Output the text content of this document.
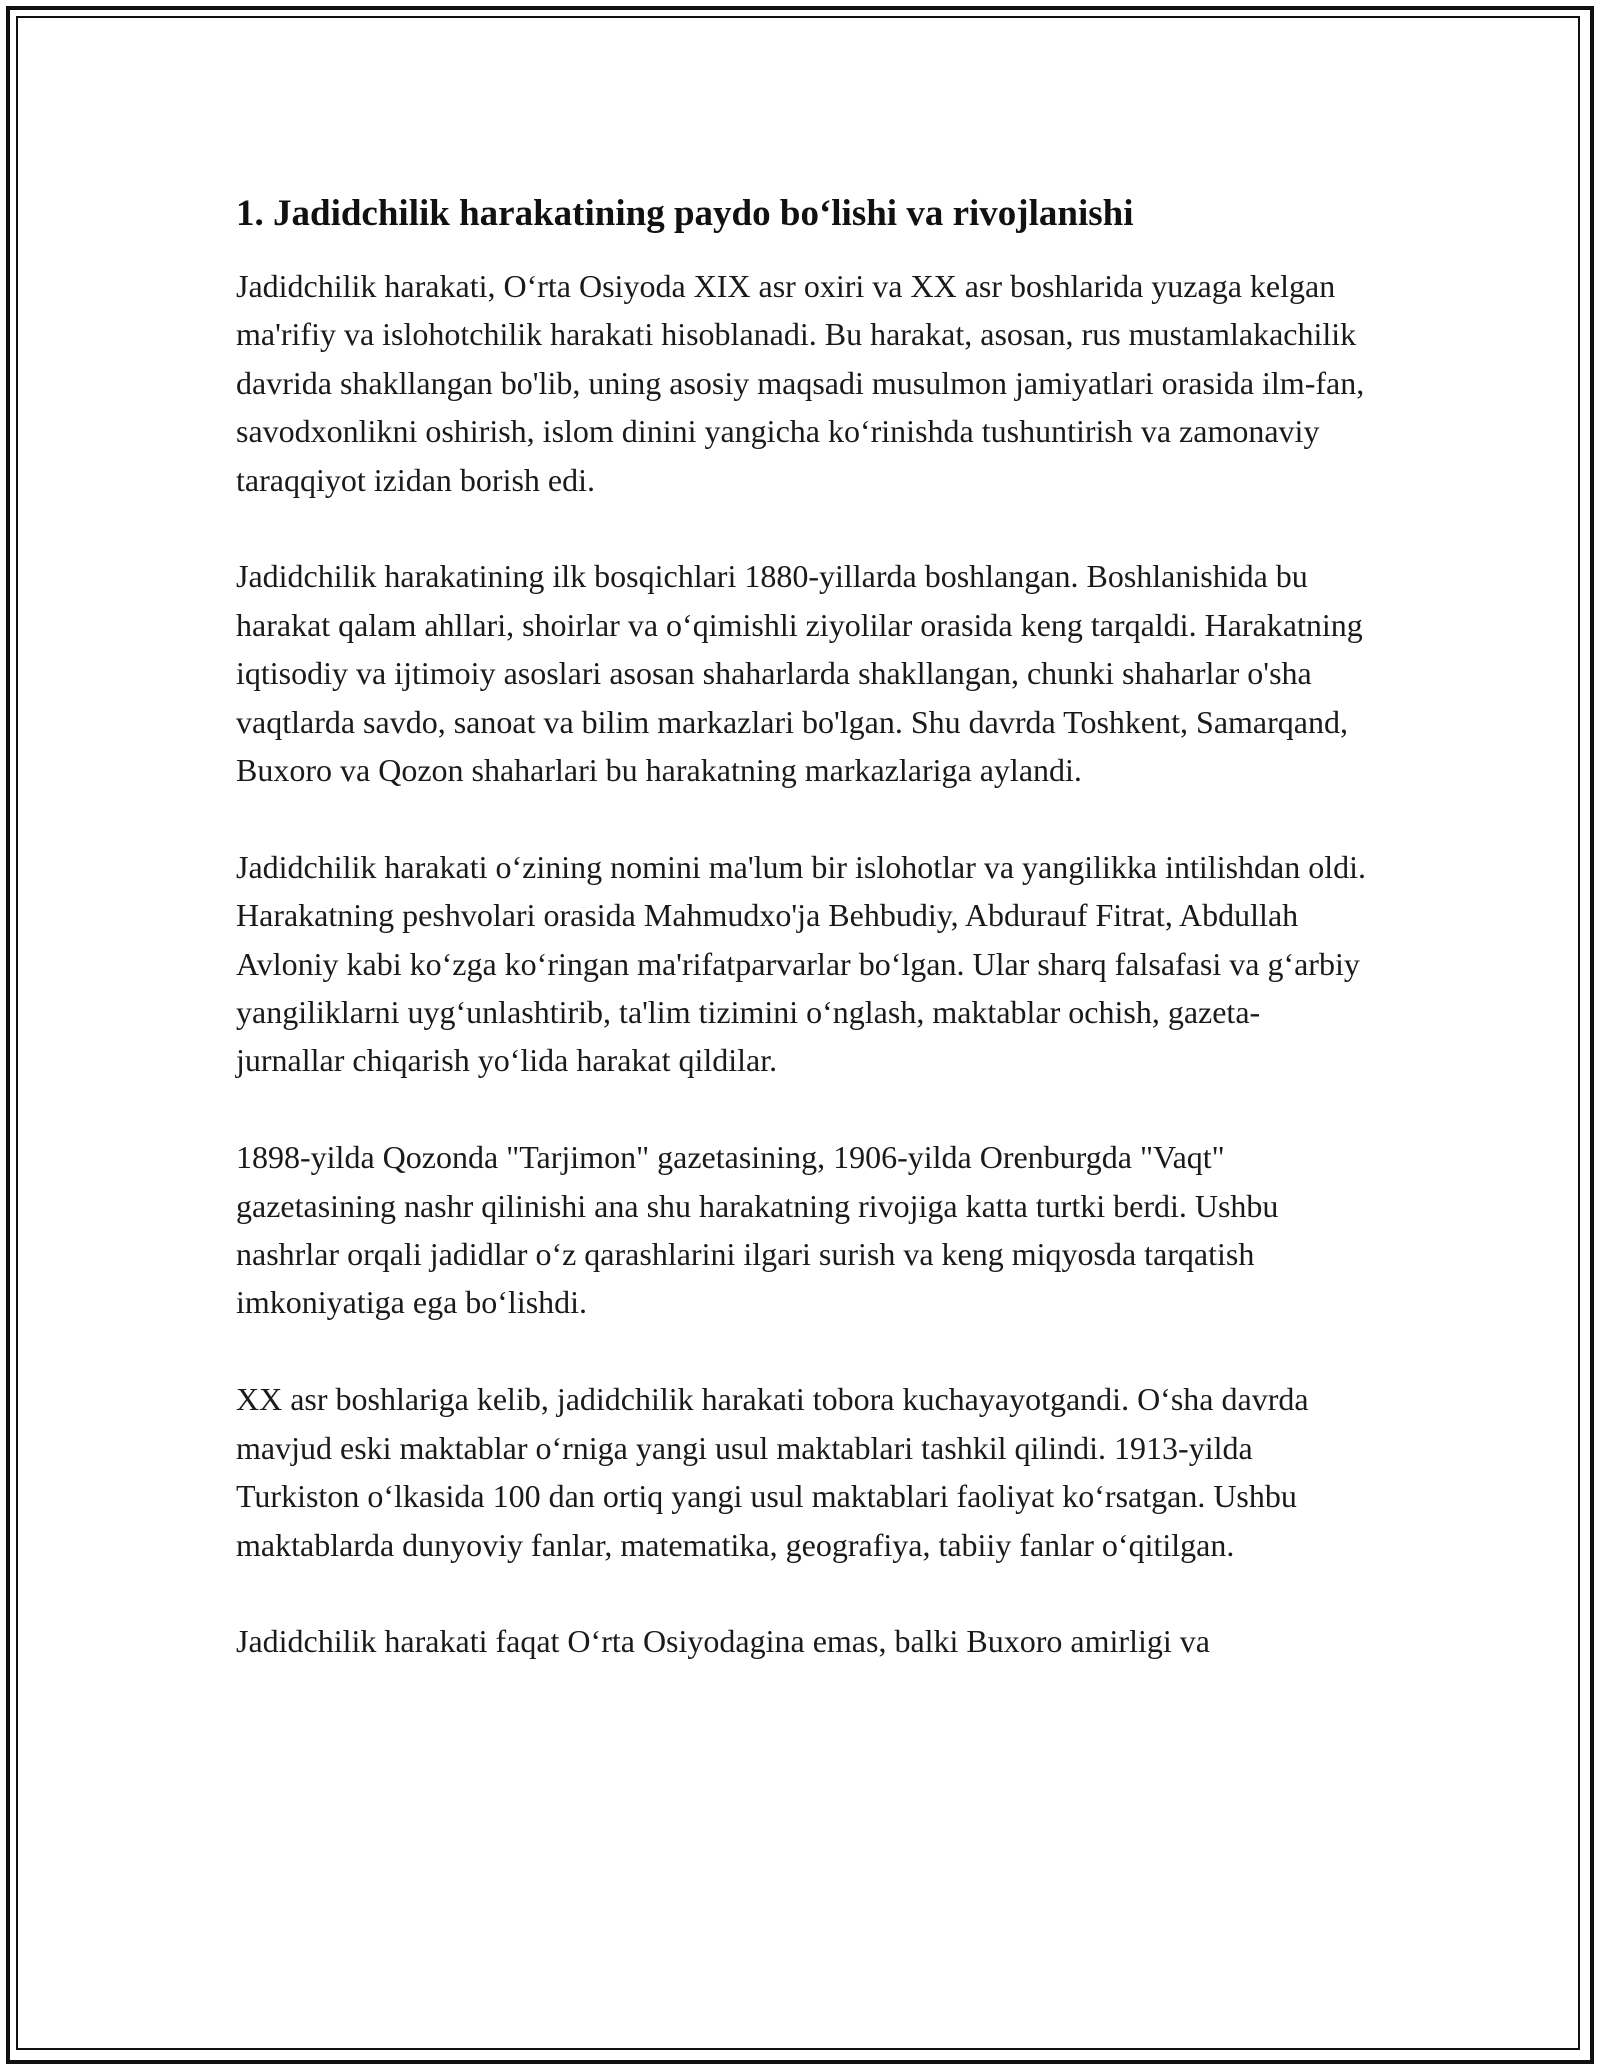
1. Jadidchilik harakatining paydo bo‘lishi va rivojlanishi

Jadidchilik harakati, O‘rta Osiyoda XIX asr oxiri va XX asr boshlarida yuzaga kelgan ma'rifiy va islohotchilik harakati hisoblanadi. Bu harakat, asosan, rus mustamlakachilik davrida shakllangan bo'lib, uning asosiy maqsadi musulmon jamiyatlari orasida ilm-fan, savodxonlikni oshirish, islom dinini yangicha ko‘rinishda tushuntirish va zamonaviy taraqqiyot izidan borish edi.

Jadidchilik harakatining ilk bosqichlari 1880-yillarda boshlangan. Boshlanishida bu harakat qalam ahllari, shoirlar va o‘qimishli ziyolilar orasida keng tarqaldi. Harakatning iqtisodiy va ijtimoiy asoslari asosan shaharlarda shakllangan, chunki shaharlar o'sha vaqtlarda savdo, sanoat va bilim markazlari bo'lgan. Shu davrda Toshkent, Samarqand, Buxoro va Qozon shaharlari bu harakatning markazlariga aylandi.

Jadidchilik harakati o‘zining nomini ma'lum bir islohotlar va yangilikka intilishdan oldi. Harakatning peshvolari orasida Mahmudxo'ja Behbudiy, Abdurauf Fitrat, Abdullah Avloniy kabi ko‘zga ko‘ringan ma'rifatparvarlar bo‘lgan. Ular sharq falsafasi va g‘arbiy yangiliklarni uyg‘unlashtirib, ta'lim tizimini o‘nglash, maktablar ochish, gazeta-jurnallar chiqarish yo‘lida harakat qildilar.

1898-yilda Qozonda "Tarjimon" gazetasining, 1906-yilda Orenburgda "Vaqt" gazetasining nashr qilinishi ana shu harakatning rivojiga katta turtki berdi. Ushbu nashrlar orqali jadidlar o‘z qarashlarini ilgari surish va keng miqyosda tarqatish imkoniyatiga ega bo‘lishdi.

XX asr boshlariga kelib, jadidchilik harakati tobora kuchayayotgandi. O‘sha davrda mavjud eski maktablar o‘rniga yangi usul maktablari tashkil qilindi. 1913-yilda Turkiston o‘lkasida 100 dan ortiq yangi usul maktablari faoliyat ko‘rsatgan. Ushbu maktablarda dunyoviy fanlar, matematika, geografiya, tabiiy fanlar o‘qitilgan.

Jadidchilik harakati faqat O‘rta Osiyodagina emas, balki Buxoro amirligi va
